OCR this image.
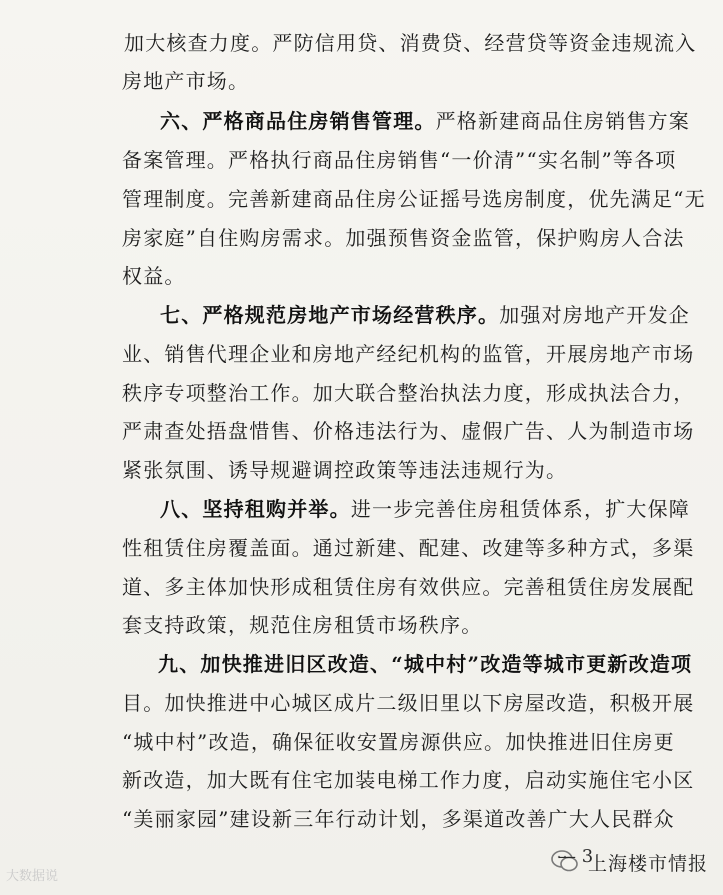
加大核查力度。严防信用贷、消费贷、经营贷等资金违规流入
房地产市场。
六、严格商品住房销售管理。严格新建商品住房销售方案
备案管理。严格执行商品住房销售“一价清”“实名制”等各项
管理制度。完善新建商品住房公证摇号选房制度，优先满足“无
房家庭”自住购房需求。加强预售资金监管，保护购房人合法
权益。
七、严格规范房地产市场经营秩序。加强对房地产开发企
业、销售代理企业和房地产经纪机构的监管，开展房地产市场
秩序专项整治工作。加大联合整治执法力度，形成执法合力，
严肃查处捂盘惜售、价格违法行为、虚假广告、人为制造市场
紧张氛围、诱导规避调控政策等违法违规行为。
八、坚持租购并举。进一步完善住房租赁体系，扩大保障
性租赁住房覆盖面。通过新建、配建、改建等多种方式，多渠
道、多主体加快形成租赁住房有效供应。完善租赁住房发展配
套支持政策，规范住房租赁市场秩序。
九、加快推进旧区改造、“城中村”改造等城市更新改造项
目。加快推进中心城区成片二级旧里以下房屋改造，积极开展
“城中村”改造，确保征收安置房源供应。加快推进旧住房更
新改造，加大既有住宅加装电梯工作力度，启动实施住宅小区
“美丽家园”建设新三年行动计划，多渠道改善广大人民群众
— 3
上海楼市情报
大数据说
